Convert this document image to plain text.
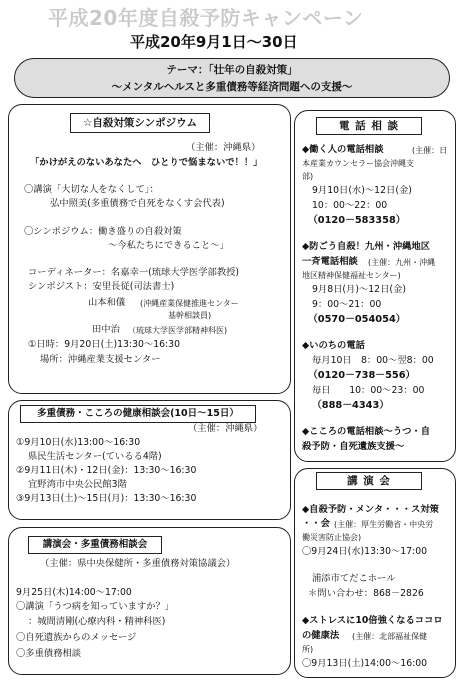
平成20年度自殺予防キャンペーン
平成20年9月1日～30日
テーマ：「壮年の自殺対策」
～メンタルヘルスと多重債務等経済問題への支援～
☆自殺対策シンポジウム
（主催：沖縄県）
「かけがえのないあなたへ　ひとりで悩まないで！！」
〇講演「大切な人をなくして」：
弘中照美(多重債務で自死をなくす会代表)
〇シンポジウム：働き盛りの自殺対策
～今私たちにできること～」
コーディネーター：名嘉幸一(琉球大学医学部教授)
シンポジスト：安里長従(司法書士)
山本和儀 (沖縄産業保健推進センター
基幹相談員)
田中治 （琉球大学医学部精神科医)
①日時：9月20日(土)13:30～16:30
場所：沖縄産業支援センター
多重債務・こころの健康相談会(10日～15日）
（主催：沖縄県）
①9月10日(水)13:00～16:30
県民生活センター(ているる4階)
②9月11日(木)・12日(金)：13:30～16:30
宜野湾市中央公民館3階
③9月13日(土)～15日(月)：13:30～16:30
講演会・多重債務相談会
（主催：県中央保健所・多重債務対策協議会）
9月25日(木)14:00～17:00
〇講演「うつ病を知っていますか？」
：城間清剛(心療内科・精神科医)
〇自死遺族からのメッセージ
〇多重債務相談
電 話 相 談
◆働く人の電話相談	(主催：日
本産業カウンセラー協会沖縄支
部)
9月10日(水)～12日(金)
10：00～22：00
（0120－583358）
◆防ごう自殺！九州・沖縄地区
一斉電話相談 (主催：九州・沖縄
地区精神保健福祉センター)
9月8日(月)～12日(金)
9：00～21：00
（0570－054054）
◆いのちの電話
毎月10日　8：00～翌8：00
（0120－738－556）
毎日　　10：00～23：00
（888－4343）
◆こころの電話相談～うつ・自
殺予防・自死遺族支援～
講 演 会
◆自殺予防・メンタ・・・ス対策
・・会 (主催：厚生労働省・中央労
働災害防止協会)
〇9月24日(水)13:30～17:00
浦添市てだこホール
＊問い合わせ：868－2826
◆ストレスに10倍強くなるココロ
の健康法 (主催：北部福祉保健
所)
〇9月13日(土)14:00～16:00
